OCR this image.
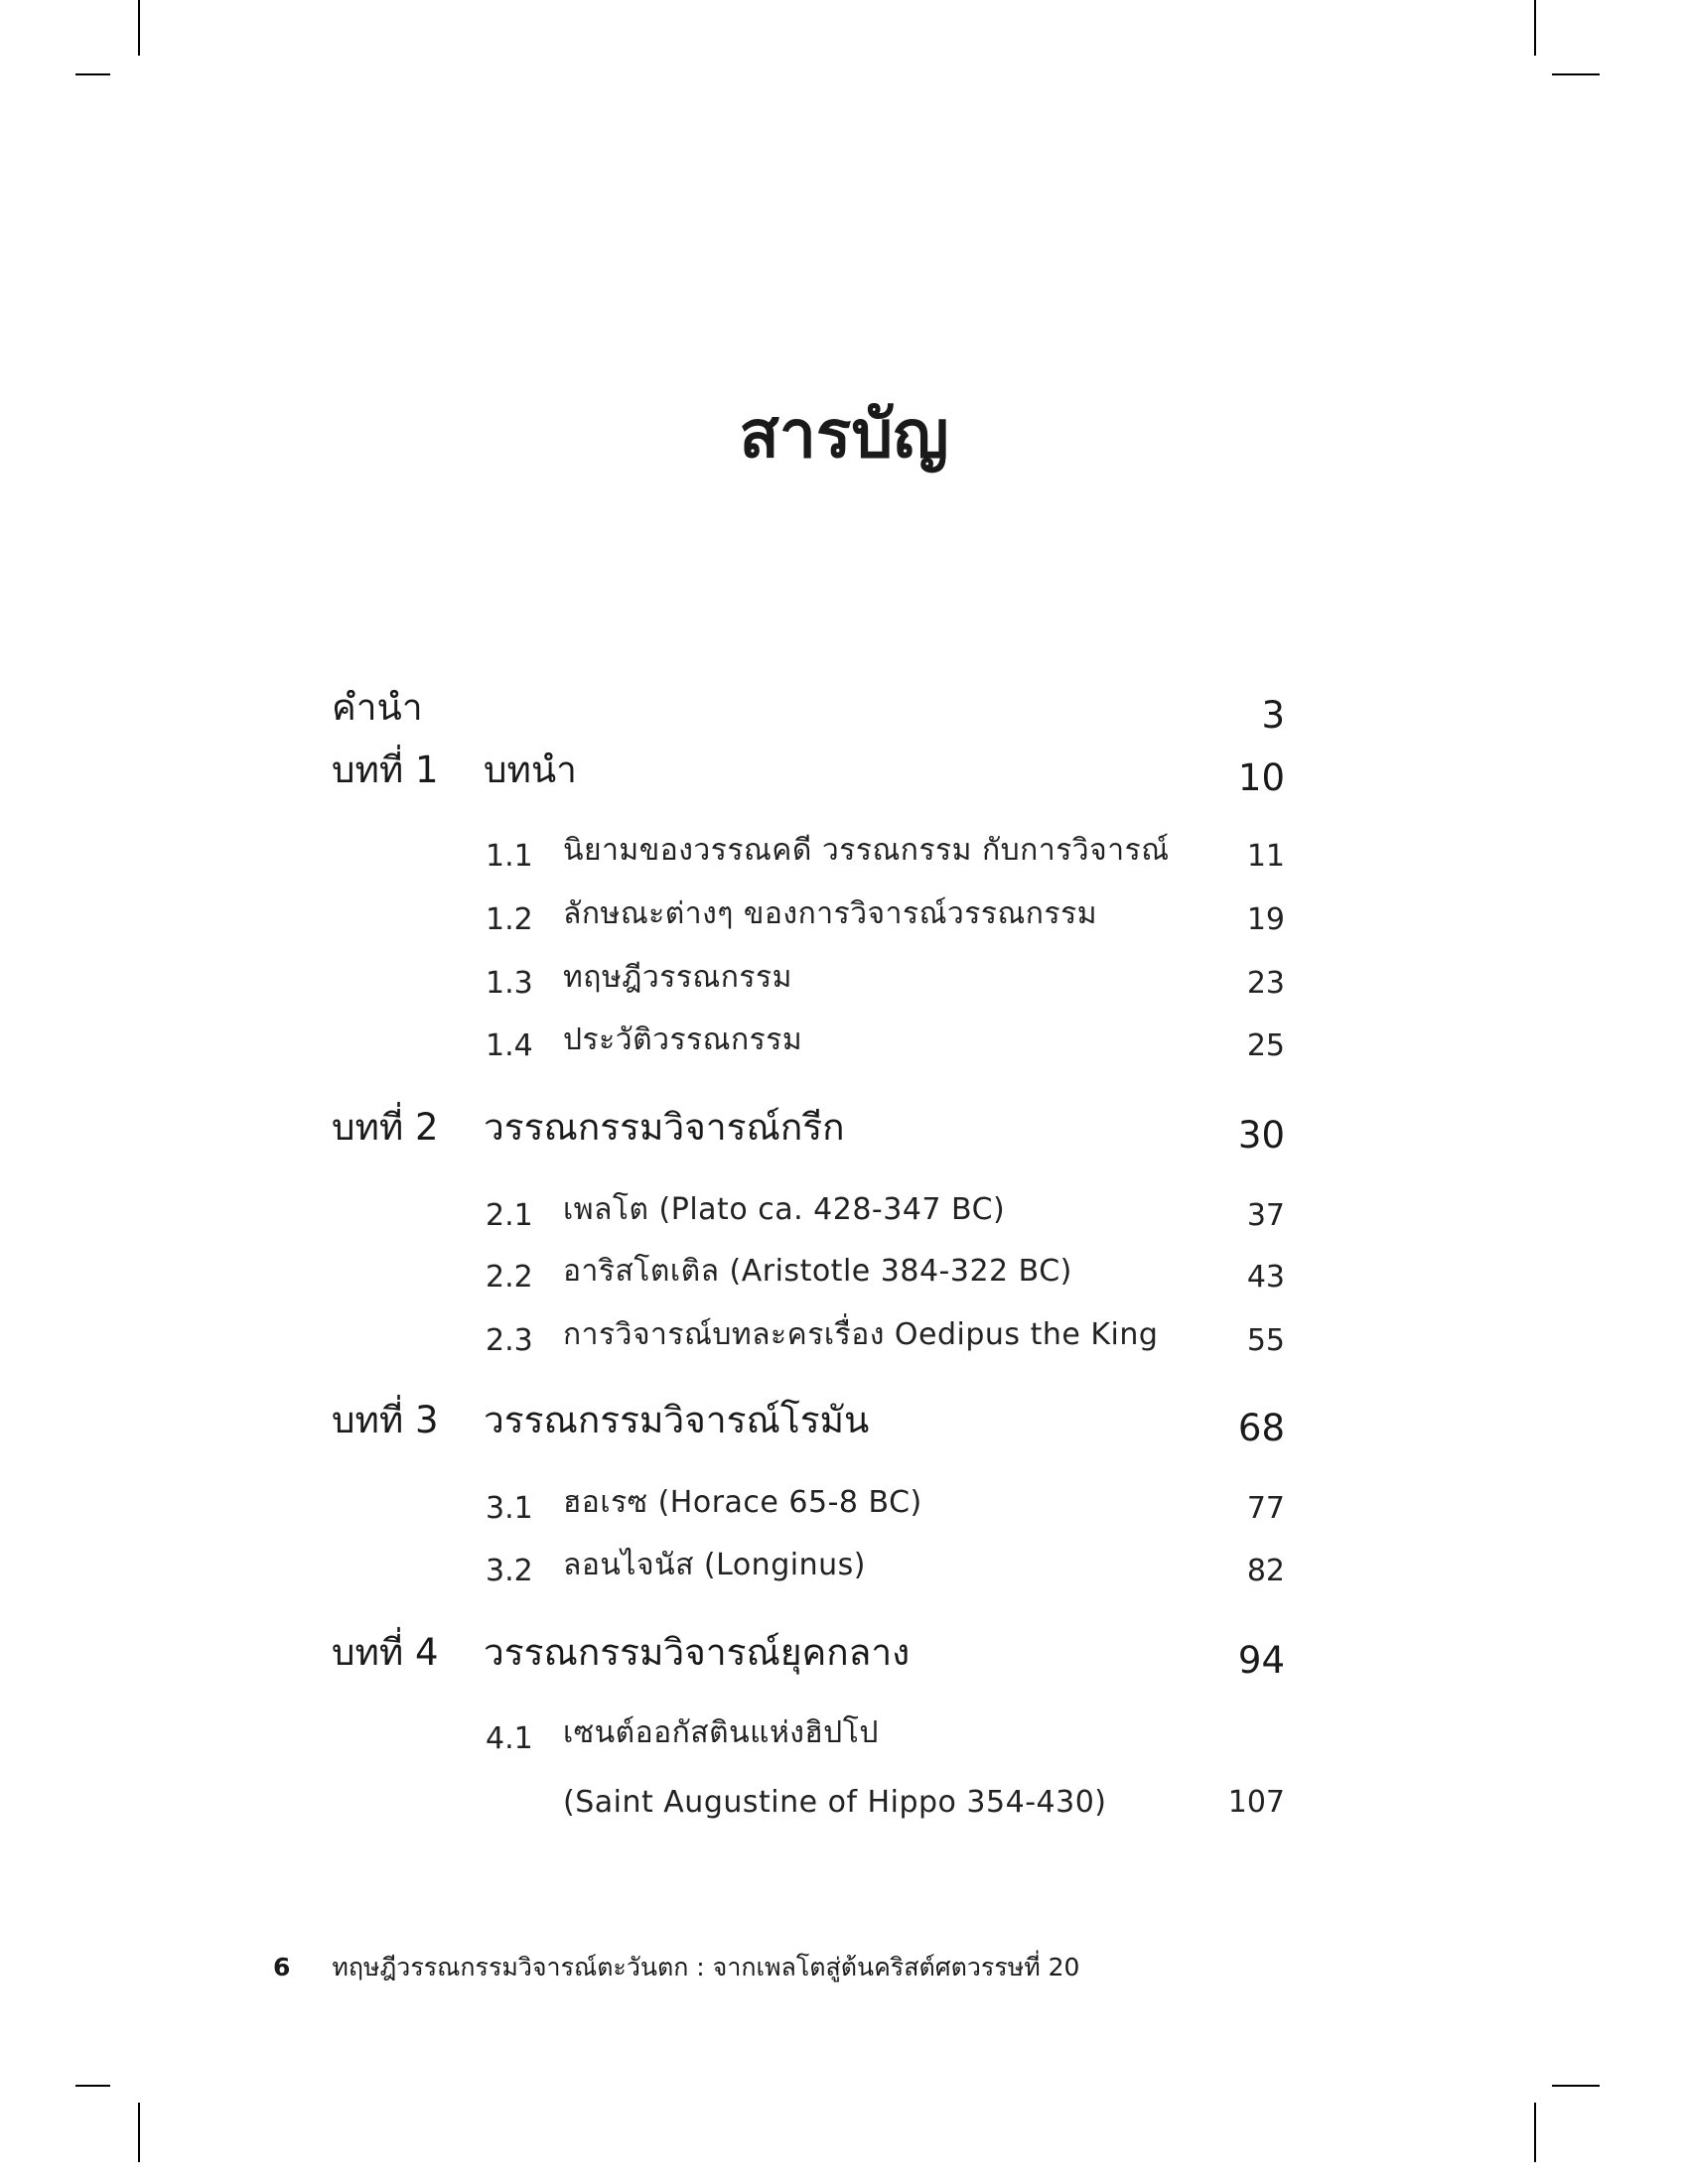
สารบัญ
คำนำ	3
บทที่ 1 บทนำ	10
1.1 นิยามของวรรณคดี วรรณกรรม กับการวิจารณ์	11
1.2 ลักษณะต่างๆ ของการวิจารณ์วรรณกรรม	19
1.3 ทฤษฎีวรรณกรรม	23
1.4 ประวัติวรรณกรรม	25
บทที่ 2 วรรณกรรมวิจารณ์กรีก	30
2.1 เพลโต (Plato ca. 428-347 BC)	37
2.2 อาริสโตเติล (Aristotle 384-322 BC)	43
2.3 การวิจารณ์บทละครเรื่อง Oedipus the King	55
บทที่ 3 วรรณกรรมวิจารณ์โรมัน	68
3.1 ฮอเรซ (Horace 65-8 BC)	77
3.2 ลอนไจนัส (Longinus)	82
บทที่ 4 วรรณกรรมวิจารณ์ยุคกลาง	94
4.1 เซนต์ออกัสตินแห่งฮิปโป
(Saint Augustine of Hippo 354-430)	107
6 ทฤษฎีวรรณกรรมวิจารณ์ตะวันตก : จากเพลโตสู่ต้นคริสต์ศตวรรษที่ 20
